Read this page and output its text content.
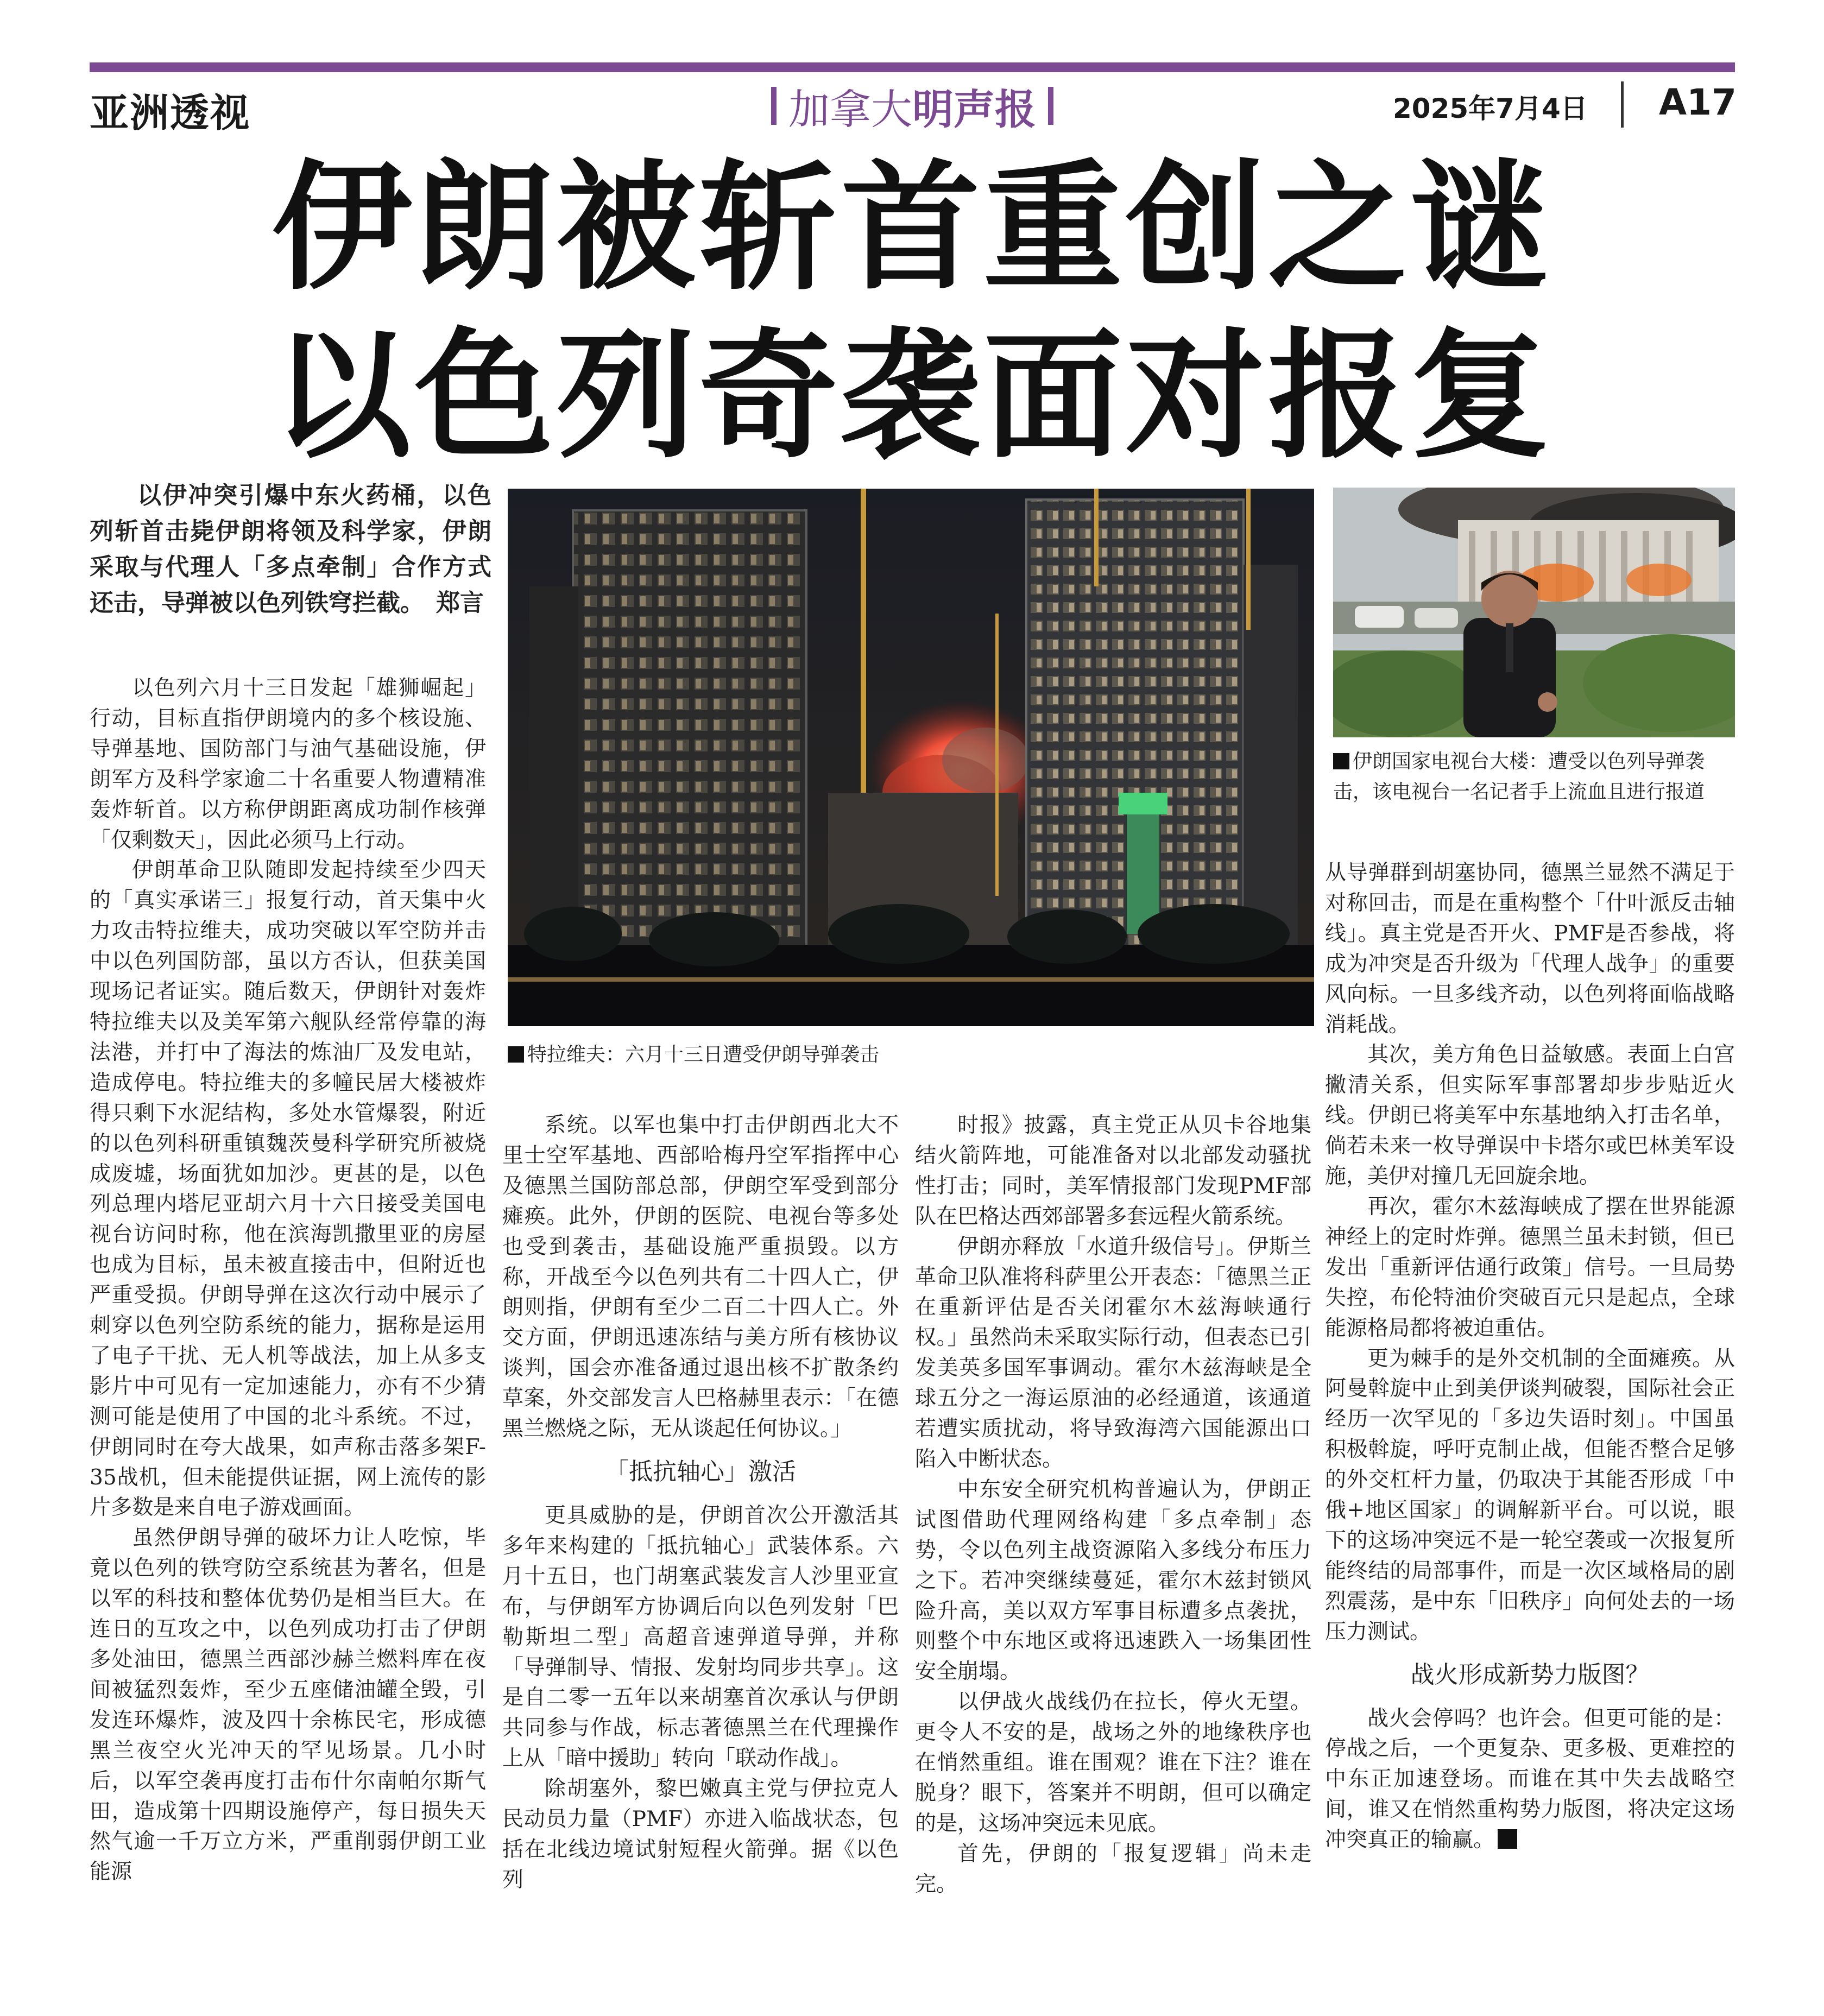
亚洲透视	加拿大明声报	2025年7月4日 A17
伊朗被斩首重创之谜
以色列奇袭面对报复
以伊冲突引爆中东火药桶，以色列斩首击毙伊朗将领及科学家，伊朗采取与代理人「多点牵制」合作方式还击，导弹被以色列铁穹拦截。　郑言
特拉维夫：六月十三日遭受伊朗导弹袭击
伊朗国家电视台大楼：遭受以色列导弹袭击，该电视台一名记者手上流血且进行报道

以色列六月十三日发起「雄狮崛起」行动，目标直指伊朗境内的多个核设施、导弹基地、国防部门与油气基础设施，伊朗军方及科学家逾二十名重要人物遭精准轰炸斩首。以方称伊朗距离成功制作核弹「仅剩数天」，因此必须马上行动。

伊朗革命卫队随即发起持续至少四天的「真实承诺三」报复行动，首天集中火力攻击特拉维夫，成功突破以军空防并击中以色列国防部，虽以方否认，但获美国现场记者证实。随后数天，伊朗针对轰炸特拉维夫以及美军第六舰队经常停靠的海法港，并打中了海法的炼油厂及发电站，造成停电。特拉维夫的多幢民居大楼被炸得只剩下水泥结构，多处水管爆裂，附近的以色列科研重镇魏茨曼科学研究所被烧成废墟，场面犹如加沙。更甚的是，以色列总理内塔尼亚胡六月十六日接受美国电视台访问时称，他在滨海凯撒里亚的房屋也成为目标，虽未被直接击中，但附近也严重受损。伊朗导弹在这次行动中展示了刺穿以色列空防系统的能力，据称是运用了电子干扰、无人机等战法，加上从多支影片中可见有一定加速能力，亦有不少猜测可能是使用了中国的北斗系统。不过，伊朗同时在夸大战果，如声称击落多架F-35战机，但未能提供证据，网上流传的影片多数是来自电子游戏画面。

虽然伊朗导弹的破坏力让人吃惊，毕竟以色列的铁穹防空系统甚为著名，但是以军的科技和整体优势仍是相当巨大。在连日的互攻之中，以色列成功打击了伊朗多处油田，德黑兰西部沙赫兰燃料库在夜间被猛烈轰炸，至少五座储油罐全毁，引发连环爆炸，波及四十余栋民宅，形成德黑兰夜空火光冲天的罕见场景。几小时后，以军空袭再度打击布什尔南帕尔斯气田，造成第十四期设施停产，每日损失天然气逾一千万立方米，严重削弱伊朗工业能源

系统。以军也集中打击伊朗西北大不里士空军基地、西部哈梅丹空军指挥中心及德黑兰国防部总部，伊朗空军受到部分瘫痪。此外，伊朗的医院、电视台等多处也受到袭击，基础设施严重损毁。以方称，开战至今以色列共有二十四人亡，伊朗则指，伊朗有至少二百二十四人亡。外交方面，伊朗迅速冻结与美方所有核协议谈判，国会亦准备通过退出核不扩散条约草案，外交部发言人巴格赫里表示：「在德黑兰燃烧之际，无从谈起任何协议。」

「抵抗轴心」激活

更具威胁的是，伊朗首次公开激活其多年来构建的「抵抗轴心」武装体系。六月十五日，也门胡塞武装发言人沙里亚宣布，与伊朗军方协调后向以色列发射「巴勒斯坦二型」高超音速弹道导弹，并称「导弹制导、情报、发射均同步共享」。这是自二零一五年以来胡塞首次承认与伊朗共同参与作战，标志著德黑兰在代理操作上从「暗中援助」转向「联动作战」。

除胡塞外，黎巴嫩真主党与伊拉克人民动员力量（PMF）亦进入临战状态，包括在北线边境试射短程火箭弹。据《以色列

时报》披露，真主党正从贝卡谷地集结火箭阵地，可能准备对以北部发动骚扰性打击；同时，美军情报部门发现PMF部队在巴格达西郊部署多套远程火箭系统。

伊朗亦释放「水道升级信号」。伊斯兰革命卫队准将科萨里公开表态：「德黑兰正在重新评估是否关闭霍尔木兹海峡通行权。」虽然尚未采取实际行动，但表态已引发美英多国军事调动。霍尔木兹海峡是全球五分之一海运原油的必经通道，该通道若遭实质扰动，将导致海湾六国能源出口陷入中断状态。

中东安全研究机构普遍认为，伊朗正试图借助代理网络构建「多点牵制」态势，令以色列主战资源陷入多线分布压力之下。若冲突继续蔓延，霍尔木兹封锁风险升高，美以双方军事目标遭多点袭扰，则整个中东地区或将迅速跌入一场集团性安全崩塌。

以伊战火战线仍在拉长，停火无望。更令人不安的是，战场之外的地缘秩序也在悄然重组。谁在围观？谁在下注？谁在脱身？眼下，答案并不明朗，但可以确定的是，这场冲突远未见底。

首先，伊朗的「报复逻辑」尚未走完。

从导弹群到胡塞协同，德黑兰显然不满足于对称回击，而是在重构整个「什叶派反击轴线」。真主党是否开火、PMF是否参战，将成为冲突是否升级为「代理人战争」的重要风向标。一旦多线齐动，以色列将面临战略消耗战。

其次，美方角色日益敏感。表面上白宫撇清关系，但实际军事部署却步步贴近火线。伊朗已将美军中东基地纳入打击名单，倘若未来一枚导弹误中卡塔尔或巴林美军设施，美伊对撞几无回旋余地。

再次，霍尔木兹海峡成了摆在世界能源神经上的定时炸弹。德黑兰虽未封锁，但已发出「重新评估通行政策」信号。一旦局势失控，布伦特油价突破百元只是起点，全球能源格局都将被迫重估。

更为棘手的是外交机制的全面瘫痪。从阿曼斡旋中止到美伊谈判破裂，国际社会正经历一次罕见的「多边失语时刻」。中国虽积极斡旋，呼吁克制止战，但能否整合足够的外交杠杆力量，仍取决于其能否形成「中俄+地区国家」的调解新平台。可以说，眼下的这场冲突远不是一轮空袭或一次报复所能终结的局部事件，而是一次区域格局的剧烈震荡，是中东「旧秩序」向何处去的一场压力测试。

战火形成新势力版图？

战火会停吗？也许会。但更可能的是：停战之后，一个更复杂、更多极、更难控的中东正加速登场。而谁在其中失去战略空间，谁又在悄然重构势力版图，将决定这场冲突真正的输赢。
